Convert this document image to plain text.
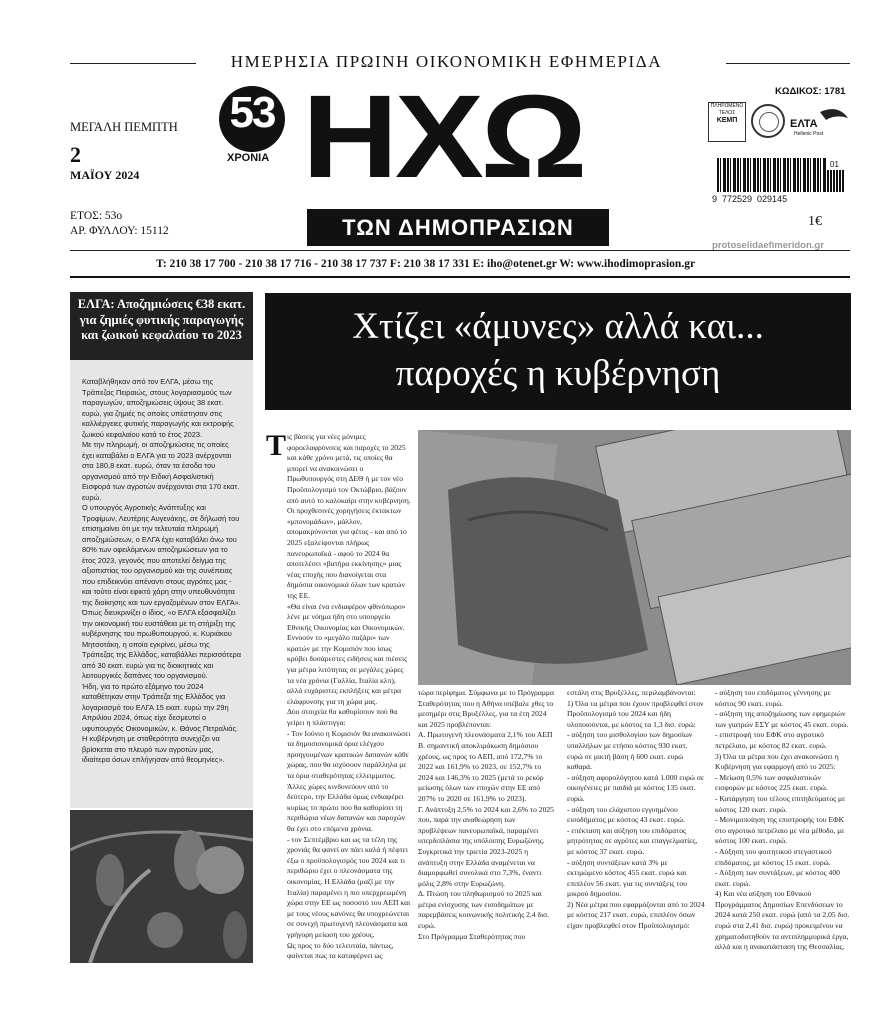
ΗΜΕΡΗΣΙΑ ΠΡΩΙΝΗ ΟΙΚΟΝΟΜΙΚΗ ΕΦΗΜΕΡΙΔΑ
ΜΕΓΑΛΗ ΠΕΜΠΤΗ
2
ΜΑΪΟΥ 2024
ΕΤΟΣ: 53ο
ΑΡ. ΦΥΛΛΟΥ: 15112
53
ΧΡΟΝΙΑ ΗΧΩ
ΤΩΝ ΔΗΜΟΠΡΑΣΙΩΝ
ΚΩΔΙΚΟΣ: 1781
ΠΛΗΡΩΜΕΝΟ
ΤΕΛΟΣ
ΚΕΜΠ	ΕΛΤΑ
Hellenic Post
01
9  772529  029145
1€
protoselidaefimeridon.gr
T: 210 38 17 700 - 210 38 17 716 - 210 38 17 737 F: 210 38 17 331 E: iho@otenet.gr W: www.ihodimoprasion.gr
ΕΛΓΑ: Αποζημιώσεις €38 εκατ. για ζημιές φυτικής παραγωγής και ζωικού κεφαλαίου το 2023
Καταβλήθηκαν από τον ΕΛΓΑ, μέσω της Τράπεζας Πειραιώς, στους λογαριασμούς των παραγωγών, αποζημιώσεις ύψους 38 εκατ. ευρώ, για ζημιές τις οποίες υπέστησαν στις καλλιέργειες φυτικής παραγωγής και εκτροφής ζωικού κεφαλαίου κατά το έτος 2023.
Με την πληρωμή, οι αποζημιώσεις τις οποίες έχει καταβάλει ο ΕΛΓΑ για το 2023 ανέρχονται στα 180,8 εκατ. ευρώ, όταν τα έσοδα του οργανισμού από την Ειδική Ασφαλιστική Εισφορά των αγροτών ανέρχονται στα 170 εκατ. ευρώ.
Ο υπουργός Αγροτικής Ανάπτυξης και Τροφίμων, Λευτέρης Αυγενάκης, σε δήλωσή του επισημαίνει ότι με την τελευταία πληρωμή αποζημιώσεων, ο ΕΛΓΑ έχει καταβάλει άνω του 80% των οφειλόμενων αποζημιώσεων για το έτος 2023, γεγονός που αποτελεί δείγμα της αξιοπιστίας του οργανισμού και της συνέπειας που επιδεικνύει απέναντι στους αγρότες μας - και τούτο είναι εφικτό χάρη στην υπευθυνότητα της διοίκησης και των εργαζομένων στον ΕΛΓΑ».
Όπως διευκρινίζει ο ίδιος, «ο ΕΛΓΑ εξασφαλίζει την οικονομική του ευστάθεια με τη στήριξη της κυβέρνησης του πρωθυπουργού, κ. Κυριάκου Μητσοτάκη, η οποία εγκρίνει, μέσω της Τράπεζας της Ελλάδος, καταβάλλει περισσότερα από 30 εκατ. ευρώ για τις διοικητικές και λειτουργικές δαπάνες του οργανισμού.
Ήδη, για το πρώτο εξάμηνο του 2024 καταθέτηκαν στην Τράπεζα της Ελλάδος για λογαριασμό του ΕΛΓΑ 15 εκατ. ευρώ την 29η Απριλίου 2024, όπως είχε δεσμευτεί ο υφυπουργός Οικονομικών, κ. Θάνος Πετραλιάς. Η κυβέρνηση με σταθερότητα συνεχίζει να βρίσκεται στο πλευρό των αγροτών μας, ιδιαίτερα όσων επλήγησαν από θεομηνίες».
Χτίζει «άμυνες» αλλά και...
παροχές η κυβέρνηση
Τ ις βάσεις για νέες μόνιμες φοροελαφρύνσεις και παροχές το 2025 και κάθε χρόνο μετά, τις οποίες θα μπορεί να ανακοινώσει ο Πρωθυπουργός στη ΔΕΘ ή με τον νέο Προϋπολογισμό τον Οκτώβριο, βάζουν από αυτό το καλοκαίρι στην κυβέρνηση.
Οι προχθεσινές χορηγήσεις έκτακτων «μπονομάδων», μάλλον, απομακρύνονται για φέτος - και από το 2025 εξαλείφονται πλήρως πανευρωπαϊκά - αφού το 2024 θα αποτελέσει «βατήρα εκκίνησης» μιας νέας εποχής που διανοίγεται στα δημόσια οικονομικά όλων των κρατών της ΕΕ.
«Θα είναι ένα ενδιαφέρον φθινόπωρο» λένε με νόημα ήδη στο υπουργείο Εθνικής Οικονομίας και Οικονομικών. Εννοούν το «μεγάλο παζάρι» των κρατών με την Κομισιόν που ίσως κρύβει δυσάρεστες ειδήσεις και πιέσεις για μέτρα λιτότητας σε μεγάλες χώρες τα νέα χρόνια (Γαλλία, Ιταλία κλπ), αλλά ευχάριστες εκπλήξεις και μέτρα ελάφρυνσης για τη χώρα μας.
Δύο στοιχεία θα καθορίσουν πού θα γείρει η πλάστιγγα:
- Τον Ιούνιο η Κομισιόν θα ανακοινώσει τα δημοσιονομικά όρια ελέγχου προηγουμένων κρατικών δαπανών κάθε χώρας, που θα ισχύσουν παράλληλα με τα όρια σταθερότητας ελλειμματος. Άλλες χώρες κινδυνεύουν από το δεύτερο, την Ελλάδα όμως ενδιαφέρει κυρίως το πρώτο που θα καθορίσει τη περιθώρια νέων δαπανών και παροχών θα έχει στο επόμενα χρόνια.
- τον Σεπτέμβριο και ως τα τέλη της χρονιάς θα φανεί αν πάει καλά ή πέφτει έξω ο προϋπολογισμός του 2024 και τι περιθώριο έχει ο πλεονάσματα της οικονομίας. Η Ελλάδα (μαζί με την Ιταλία) παραμένει η πιο υπερχρεωμένη χώρα στην ΕΕ ως ποσοστό του ΑΕΠ και με τους νέους κανόνες θα υποχρεώνεται σε συνεχή πρωτογενή πλεονάσματα και γρήγορη μείωση του χρέους.
Ως προς το δύο τελευταία, πάντως, φαίνεται πως τα καταφέρνει ως
τώρα περίφημα. Σύμφωνα με το Πρόγραμμα Σταθερότητας που η Αθήνα υπέβαλε χθες το μεσημέρι στις Βρυξέλλες, για τα έτη 2024 και 2025 προβλέπονται:
Α. Πρωτογενή πλεονάσματα 2,1% του ΑΕΠ
Β. σημαντική αποκλιμάκωση δημόσιου χρέους, ως προς το ΑΕΠ, από 172,7% το 2022 και 161,9% το 2023, σε 152,7% το 2024 και 146,3% το 2025 (μετά το ρεκόρ μείωσης όλων των εποχών στην ΕΕ από 207% το 2020 σε 161,9% το 2023).
Γ. Ανάπτυξη 2,5% το 2024 και 2,6% το 2025 που, παρά την αναθεώρηση των προβλέψεων πανευρωπαϊκά, παραμένει υπερδιπλάσια της υπόλοιπης Ευρωζώνης. Συγκριτικά την τριετία 2023-2025 η ανάπτυξη στην Ελλάδα αναμένεται να διαμορφωθεί συνολικά στο 7,3%, έναντι μόλις 2,8% στην Ευρωζώνη.
Δ. Πτώση του πληθωρισμού το 2025 και μέτρα ενίσχυσης των εισοδημάτων με παρεμβάσεις κοινωνικής πολιτικής 2,4 δισ. ευρώ.
Στο Πρόγραμμα Σταθερότητας που
εστάλη στις Βρυξέλλες, περιλαμβάνονται:
1) Όλα τα μέτρα που έχουν προβλεφθεί στον Προϋπολογισμό του 2024 και ήδη υλοποιούνται, με κόστος τα 1,3 δισ. ευρώ:
- αύξηση του μισθολογίου των δημοσίων υπαλλήλων με ετήσιο κόστος 930 εκατ. ευρώ σε μικτή βάση ή 600 εκατ. ευρώ καθαρά.
- αύξηση αφορολόγητου κατά 1.000 ευρώ σε οικογένειες με παιδιά με κόστος 135 εκατ. ευρώ.
- αύξηση του ελάχιστου εγγυημένου εισοδήματος με κόστος 43 εκατ. ευρώ.
- επέκταση και αύξηση του επιδόματος μητρότητας σε αγρότες και επαγγελματίες, με κόστος 37 εκατ. ευρώ.
- αύξηση συντάξεων κατά 3% με εκτιμώμενο κόστος 455 εκατ. ευρώ και επιπλέον 56 εκατ. για τις συντάξεις του μικρού δημοσίου.
2) Νέα μέτρα που εφαρμόζονται από το 2024 με κόστος 217 εκατ. ευρώ, επιπλέον όσων είχαν προβλεφθεί στον Προϋπολογισμό:
- αύξηση του επιδόματος γέννησης με κόστος 90 εκατ. ευρώ.
- αύξηση της αποζημίωσης των εφημεριών των γιατρών ΕΣΥ με κόστος 45 εκατ. ευρώ.
- επιστροφή του ΕΦΚ στο αγροτικό πετρέλαιο, με κόστος 82 εκατ. ευρώ.
3) Όλα τα μέτρα που έχει ανακοινώσει η Κυβέρνηση για εφαρμογή από το 2025:
- Μείωση 0,5% των ασφαλιστικών εισφορών με κόστος 225 εκατ. ευρώ.
- Κατάργηση του τέλους επιτηδεύματος με κόστος 120 εκατ. ευρώ.
- Μονιμοποίηση της επιστροφής του ΕΦΚ στο αγροτικό πετρέλαιο με νέα μέθοδο, με κόστος 100 εκατ. ευρώ.
- Αύξηση του φοιτητικού στεγαστικού επιδόματος, με κόστος 15 εκατ. ευρώ.
- Αύξηση των συντάξεων, με κόστος 400 εκατ. ευρώ.
4) Και νέα αύξηση του Εθνικού Προγράμματος Δημοσίων Επενδύσεων το 2024 κατά 250 εκατ. ευρώ (από τα 2,05 δισ. ευρώ στα 2,41 δισ. ευρώ) προκειμένου να χρηματοδοτηθούν τα αντιπλημμυρικά έργα, αλλά και η ανακατάσταση της Θεσσαλίας.
